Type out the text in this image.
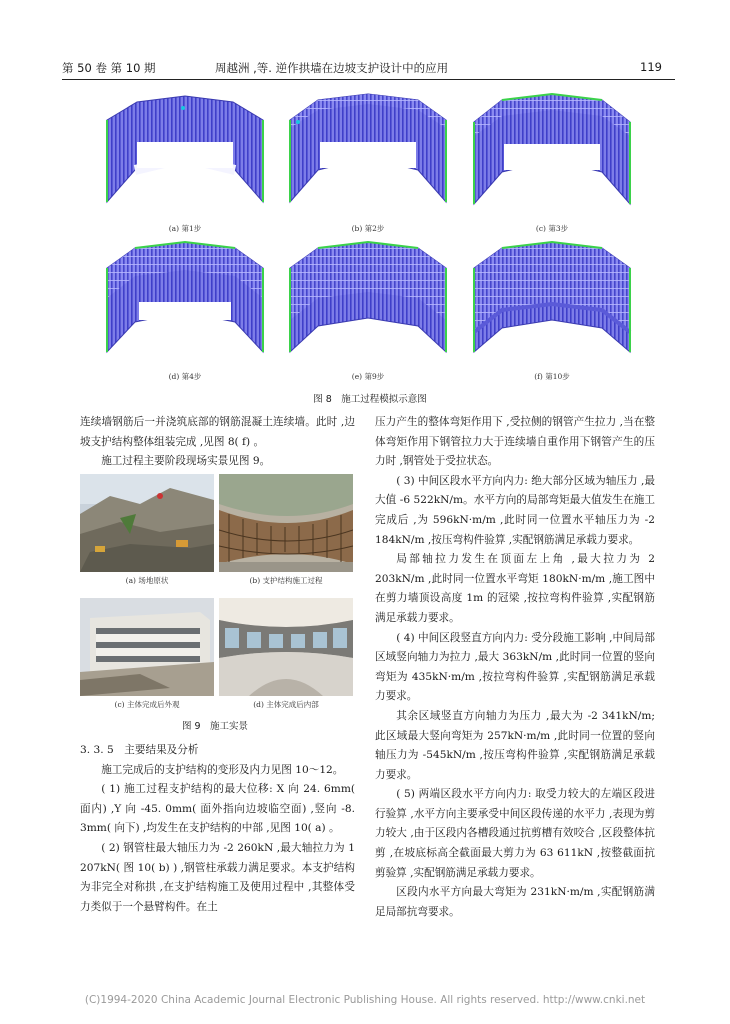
第 50 卷 第 10 期	周越洲 ,等. 逆作拱墙在边坡支护设计中的应用	119
(a) 第1步	(b) 第2步	(c) 第3步
(d) 第4步	(e) 第9步	(f) 第10步
图 8　施工过程模拟示意图

连续墙钢筋后一并浇筑底部的钢筋混凝土连续墙。此时 ,边坡支护结构整体组装完成 ,见图 8( f) 。

施工过程主要阶段现场实景见图 9。

(a) 场地原状	(b) 支护结构施工过程
(c) 主体完成后外观	(d) 主体完成后内部
图 9　施工实景

3. 3. 5　主要结果及分析

施工完成后的支护结构的变形及内力见图 10～12。

( 1) 施工过程支护结构的最大位移: X 向 24. 6mm( 面内) ,Y 向 -45. 0mm( 面外指向边坡临空面) ,竖向 -8. 3mm( 向下) ,均发生在支护结构的中部 ,见图 10( a) 。

( 2) 钢管柱最大轴压力为 -2 260kN ,最大轴拉力为 1 207kN( 图 10( b) ) ,钢管柱承载力满足要求。本支护结构为非完全对称拱 ,在支护结构施工及使用过程中 ,其整体受力类似于一个悬臂构件。在土

压力产生的整体弯矩作用下 ,受拉侧的钢管产生拉力 ,当在整体弯矩作用下钢管拉力大于连续墙自重作用下钢管产生的压力时 ,钢管处于受拉状态。

( 3) 中间区段水平方向内力: 绝大部分区域为轴压力 ,最大值 -6 522kN/m。水平方向的局部弯矩最大值发生在施工完成后 ,为 596kN·m/m ,此时同一位置水平轴压力为 -2 184kN/m ,按压弯构件验算 ,实配钢筋满足承载力要求。

局部轴拉力发生在顶面左上角 ,最大拉力为 2 203kN/m ,此时同一位置水平弯矩 180kN·m/m ,施工图中在剪力墙顶设高度 1m 的冠梁 ,按拉弯构件验算 ,实配钢筋满足承载力要求。

( 4) 中间区段竖直方向内力: 受分段施工影响 ,中间局部区域竖向轴力为拉力 ,最大 363kN/m ,此时同一位置的竖向弯矩为 435kN·m/m ,按拉弯构件验算 ,实配钢筋满足承载力要求。

其余区域竖直方向轴力为压力 ,最大为 -2 341kN/m; 此区域最大竖向弯矩为 257kN·m/m ,此时同一位置的竖向轴压力为 -545kN/m ,按压弯构件验算 ,实配钢筋满足承载力要求。

( 5) 两端区段水平方向内力: 取受力较大的左端区段进行验算 ,水平方向主要承受中间区段传递的水平力 ,表现为剪力较大 ,由于区段内各槽段通过抗剪槽有效咬合 ,区段整体抗剪 ,在坡底标高全截面最大剪力为 63 611kN ,按整截面抗剪验算 ,实配钢筋满足承载力要求。

区段内水平方向最大弯矩为 231kN·m/m ,实配钢筋满足局部抗弯要求。

(C)1994-2020 China Academic Journal Electronic Publishing House. All rights reserved. http://www.cnki.net
